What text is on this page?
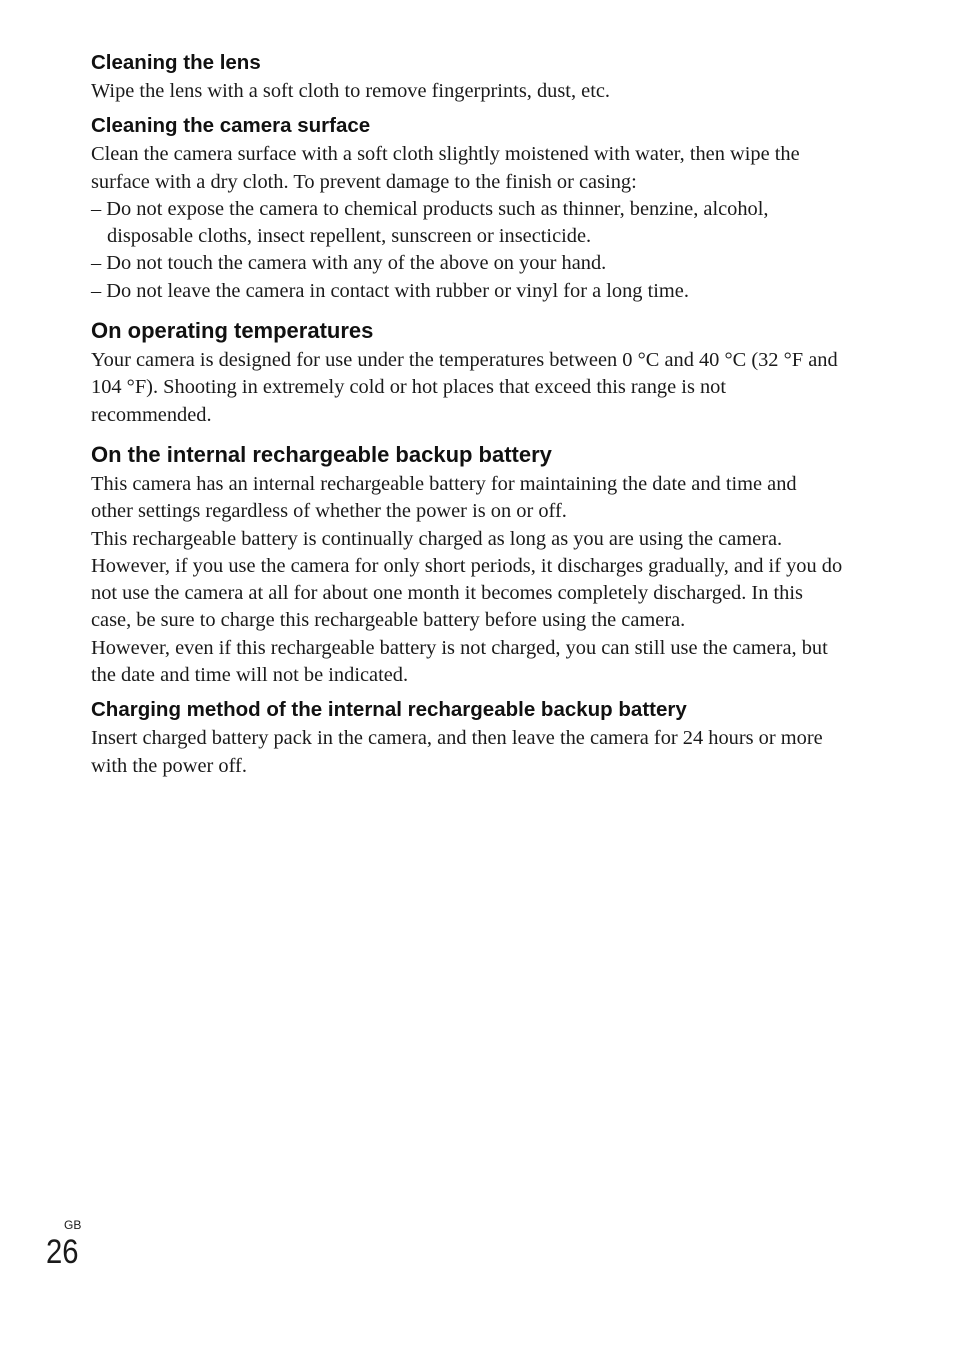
Cleaning the lens

Wipe the lens with a soft cloth to remove fingerprints, dust, etc.

Cleaning the camera surface

Clean the camera surface with a soft cloth slightly moistened with water, then wipe the surface with a dry cloth. To prevent damage to the finish or casing:

– Do not expose the camera to chemical products such as thinner, benzine, alcohol, disposable cloths, insect repellent, sunscreen or insecticide.
– Do not touch the camera with any of the above on your hand.
– Do not leave the camera in contact with rubber or vinyl for a long time.
On operating temperatures

Your camera is designed for use under the temperatures between 0 °C and 40 °C (32 °F and 104 °F). Shooting in extremely cold or hot places that exceed this range is not recommended.

On the internal rechargeable backup battery

This camera has an internal rechargeable battery for maintaining the date and time and other settings regardless of whether the power is on or off.

This rechargeable battery is continually charged as long as you are using the camera. However, if you use the camera for only short periods, it discharges gradually, and if you do not use the camera at all for about one month it becomes completely discharged. In this case, be sure to charge this rechargeable battery before using the camera.

However, even if this rechargeable battery is not charged, you can still use the camera, but the date and time will not be indicated.

Charging method of the internal rechargeable backup battery

Insert charged battery pack in the camera, and then leave the camera for 24 hours or more with the power off.

GB
26
